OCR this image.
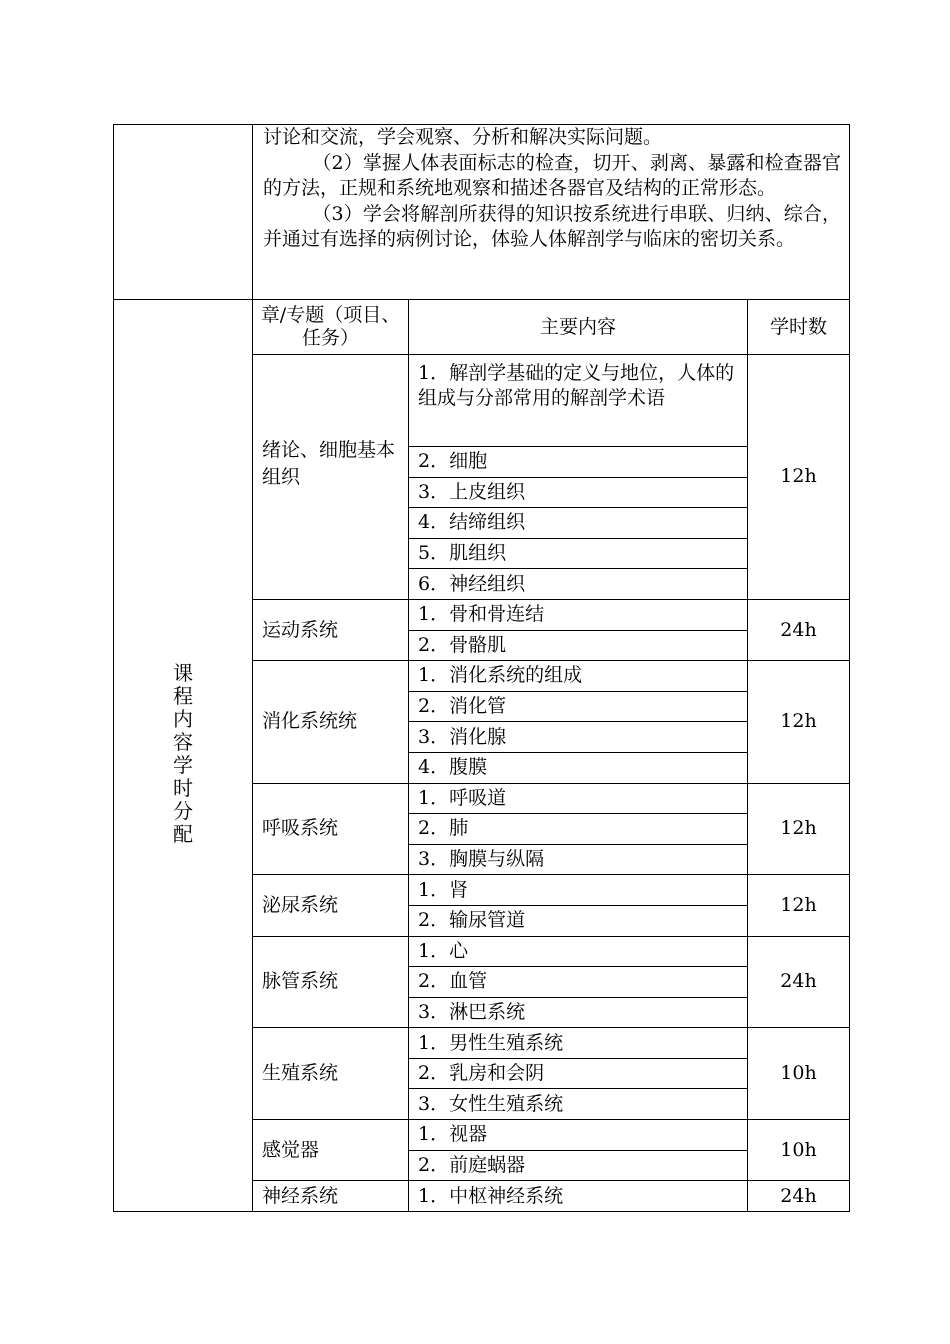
	讨论和交流，学会观察、分析和解决实际问题。

（2）掌握人体表面标志的检查，切开、剥离、暴露和检查器官的方法，正规和系统地观察和描述各器官及结构的正常形态。

（3）学会将解剖所获得的知识按系统进行串联、归纳、综合，并通过有选择的病例讨论，体验人体解剖学与临床的密切关系。		

课程内容学时分配	章/专题（项目、任务）	主要内容	学时数
	绪论、细胞基本组织	1．解剖学基础的定义与地位，人体的组成与分部常用的解剖学术语	12h
		2．细胞	
		3．上皮组织	
		4．结缔组织	
		5．肌组织	
		6．神经组织	
	运动系统	1．骨和骨连结	24h
		2．骨骼肌	
	消化系统统	1．消化系统的组成	12h
		2．消化管	
		3．消化腺	
		4．腹膜	
	呼吸系统	1．呼吸道	12h
		2．肺	
		3．胸膜与纵隔	
	泌尿系统	1．肾	12h
		2．输尿管道	
	脉管系统	1．心	24h
		2．血管	
		3．淋巴系统	
	生殖系统	1．男性生殖系统	10h
		2．乳房和会阴	
		3．女性生殖系统	
	感觉器	1．视器	10h
		2．前庭蜗器	
	神经系统	1．中枢神经系统	24h
